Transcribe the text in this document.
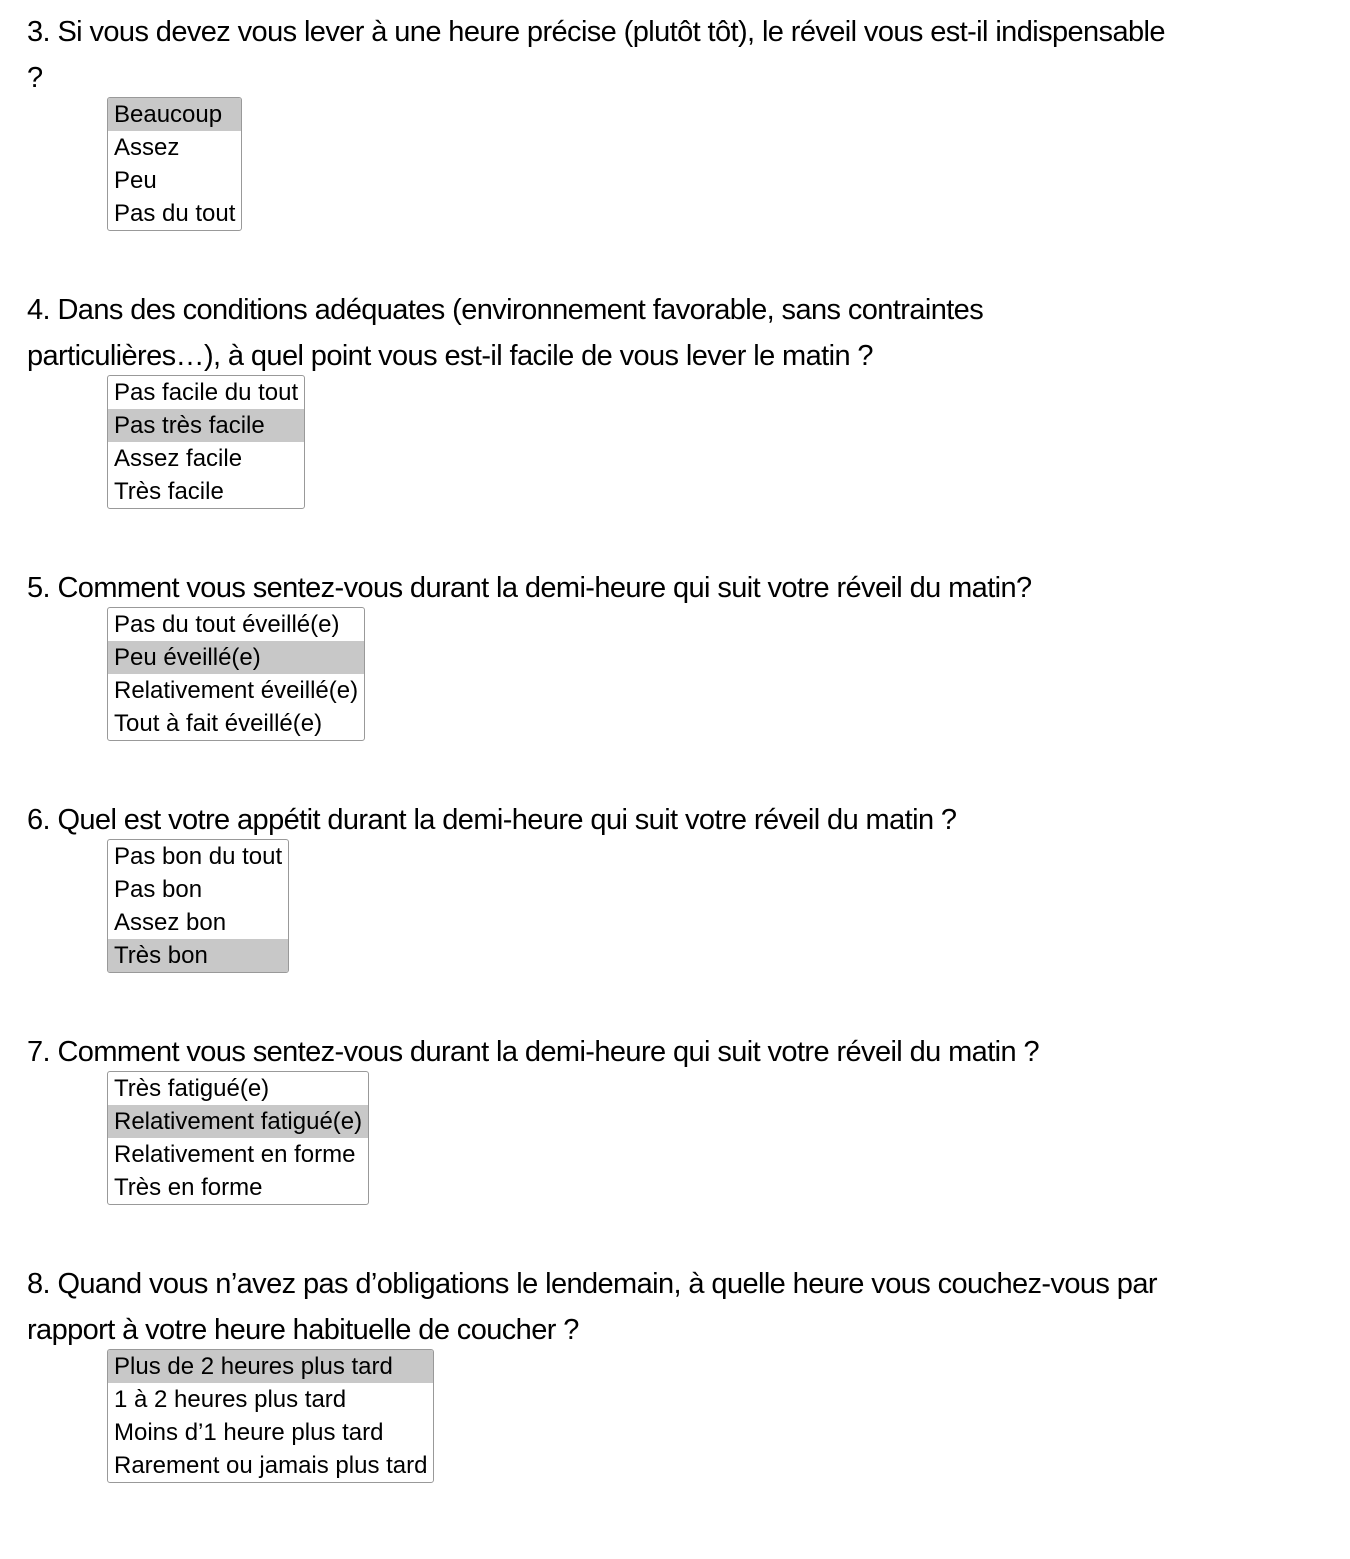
3. Si vous devez vous lever à une heure précise (plutôt tôt), le réveil vous est-il indispensable
?
Beaucoup
Assez
Peu
Pas du tout
4. Dans des conditions adéquates (environnement favorable, sans contraintes
particulières…), à quel point vous est-il facile de vous lever le matin ?
Pas facile du tout
Pas très facile
Assez facile
Très facile
5. Comment vous sentez-vous durant la demi-heure qui suit votre réveil du matin?
Pas du tout éveillé(e)
Peu éveillé(e)
Relativement éveillé(e)
Tout à fait éveillé(e)
6. Quel est votre appétit durant la demi-heure qui suit votre réveil du matin ?
Pas bon du tout
Pas bon
Assez bon
Très bon
7. Comment vous sentez-vous durant la demi-heure qui suit votre réveil du matin ?
Très fatigué(e)
Relativement fatigué(e)
Relativement en forme
Très en forme
8. Quand vous n’avez pas d’obligations le lendemain, à quelle heure vous couchez-vous par
rapport à votre heure habituelle de coucher ?
Plus de 2 heures plus tard
1 à 2 heures plus tard
Moins d’1 heure plus tard
Rarement ou jamais plus tard
